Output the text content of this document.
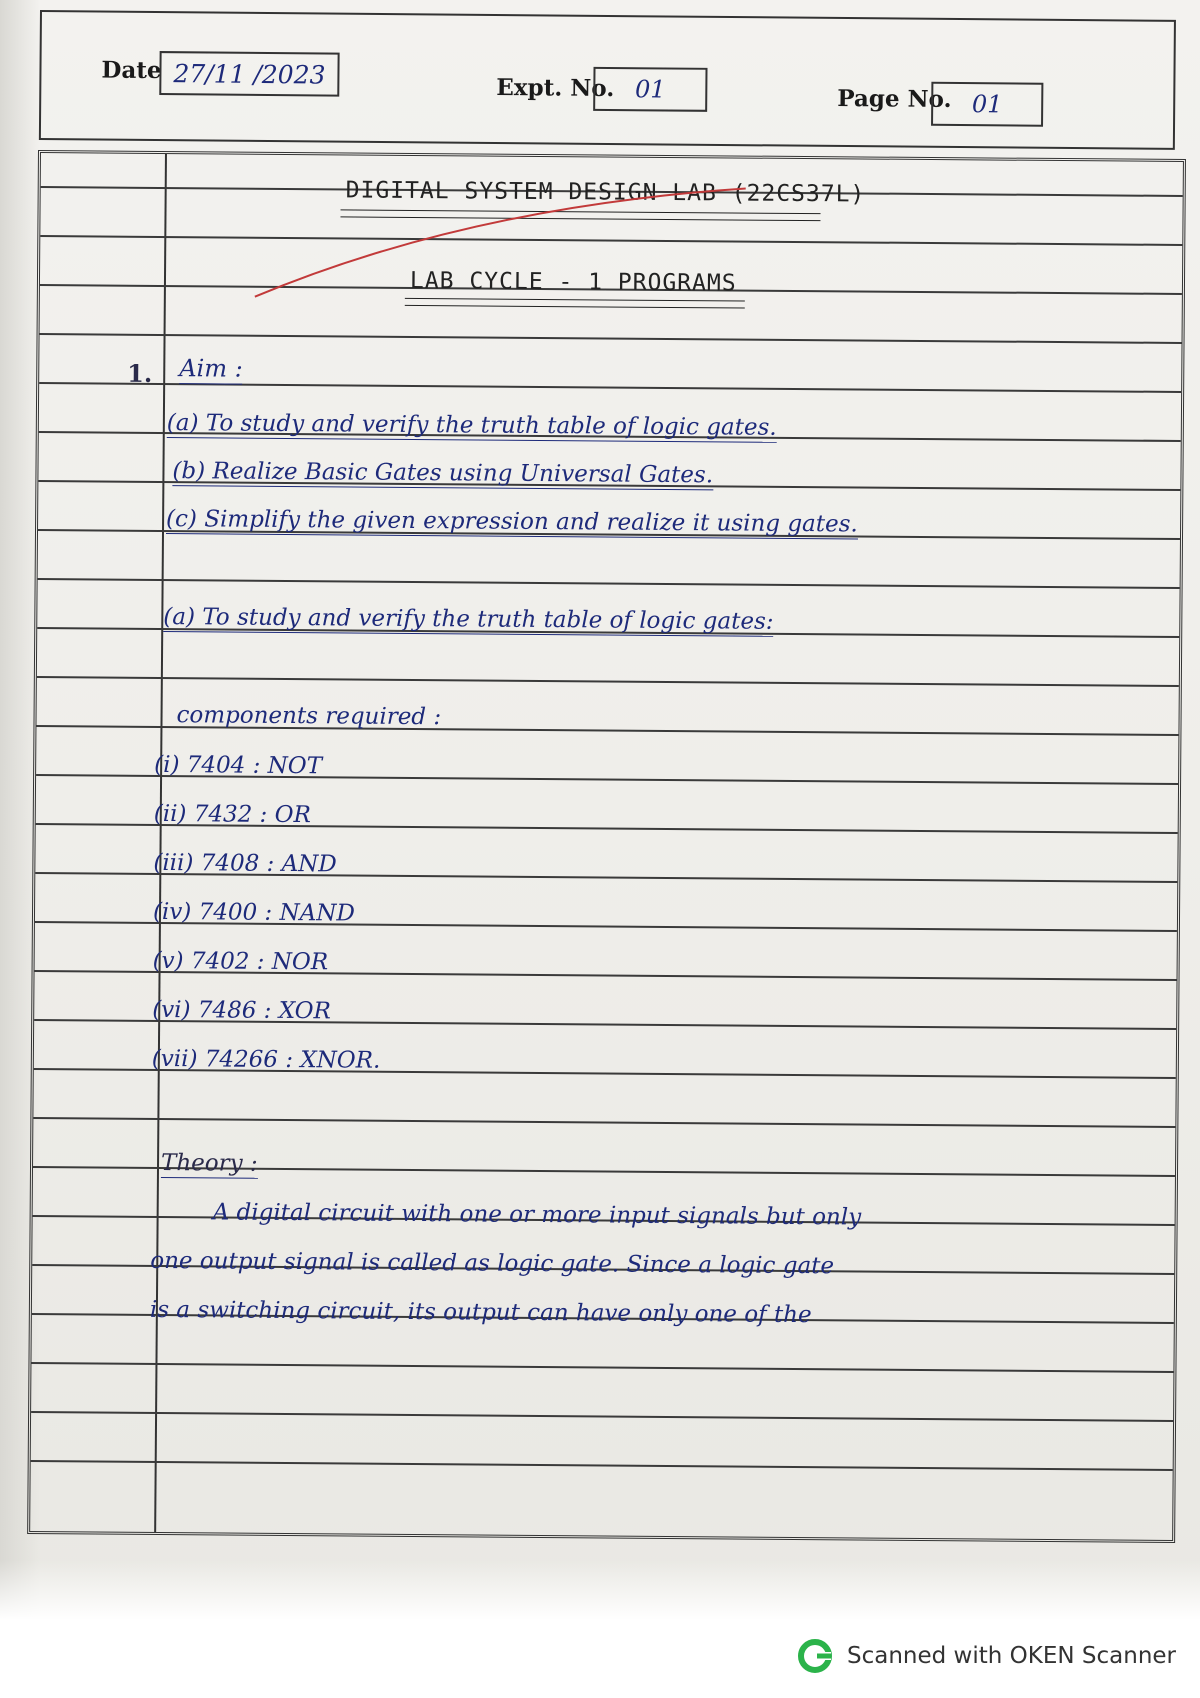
Date 27/11 /2023	Expt. No. 01	Page No. 01
DIGITAL SYSTEM DESIGN LAB (22CS37L)
LAB CYCLE - 1 PROGRAMS
1. Aim :
(a) To study and verify the truth table of logic gates.
(b) Realize Basic Gates using Universal Gates.
(c) Simplify the given expression and realize it using gates.
(a) To study and verify the truth table of logic gates:
components required :
(i) 7404 : NOT
(ii) 7432 : OR
(iii) 7408 : AND
(iv) 7400 : NAND
(v) 7402 : NOR
(vi) 7486 : XOR
(vii) 74266 : XNOR.
Theory :
A digital circuit with one or more input signals but only
one output signal is called as logic gate. Since a logic gate
is a switching circuit, its output can have only one of the
Scanned with OKEN Scanner
